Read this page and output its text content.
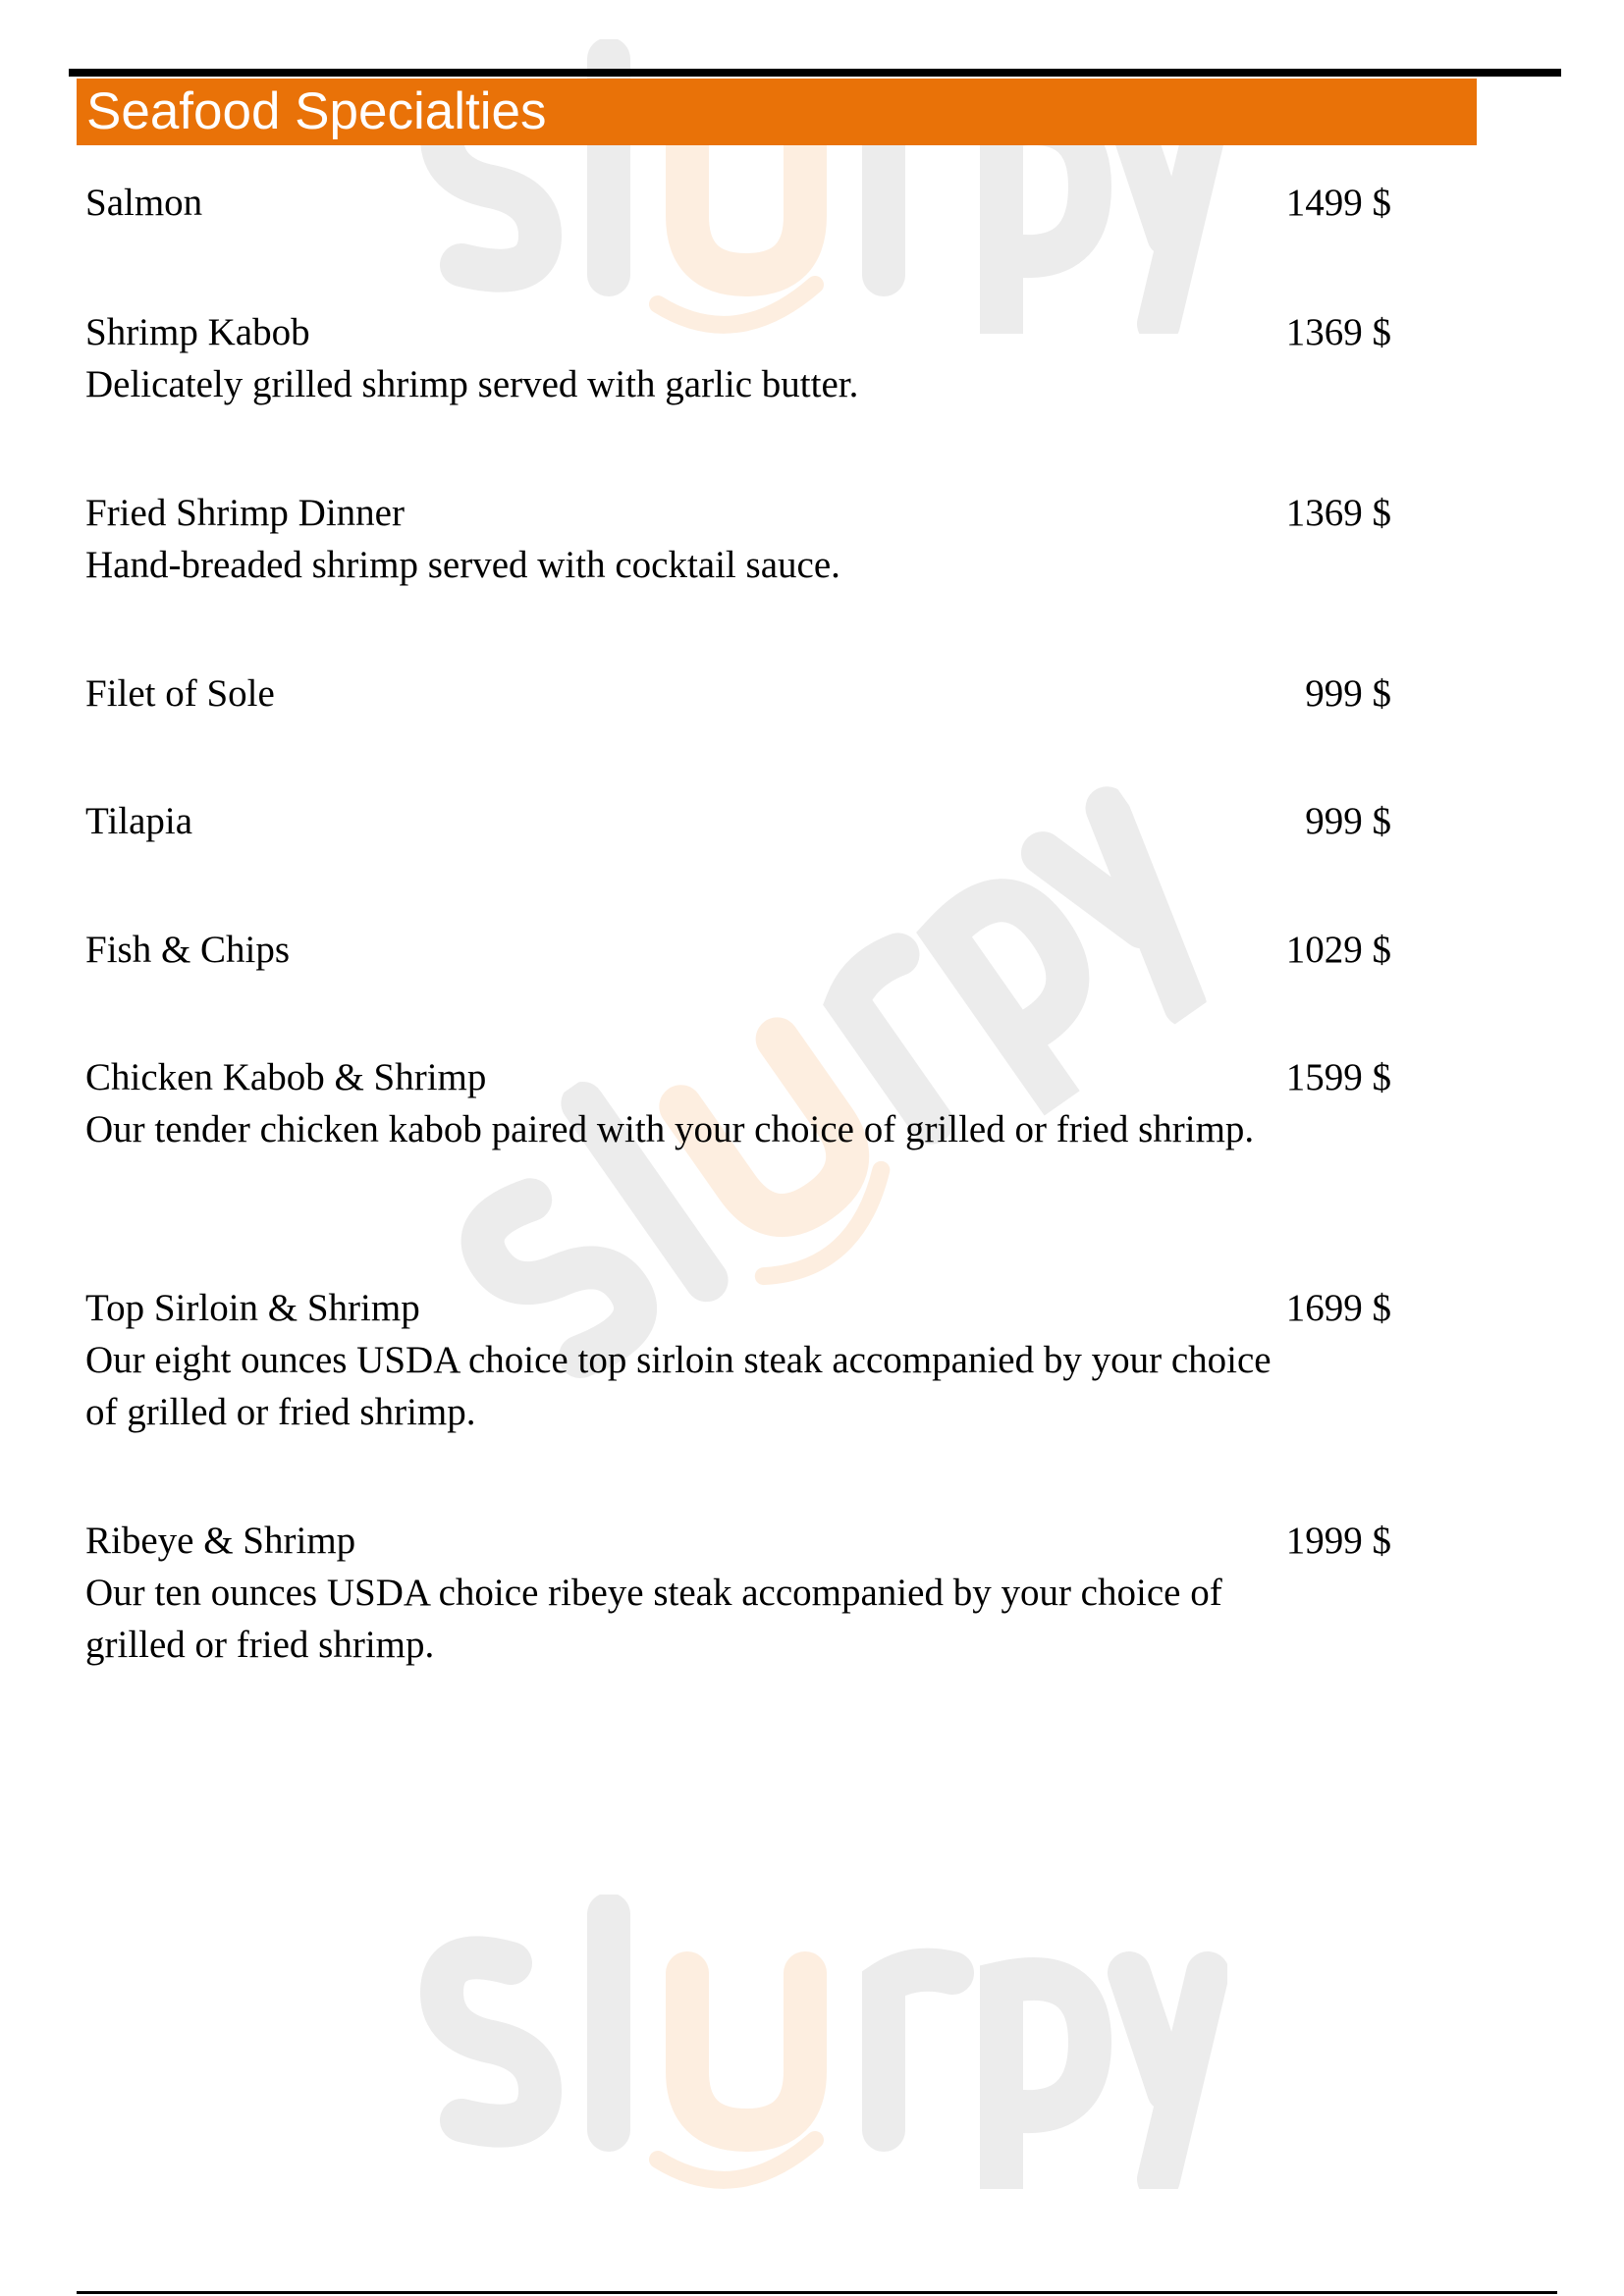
Seafood Specialties
Salmon	1499 $
Shrimp Kabob	1369 $
Delicately grilled shrimp served with garlic butter.
Fried Shrimp Dinner	1369 $
Hand-breaded shrimp served with cocktail sauce.
Filet of Sole	999 $
Tilapia	999 $
Fish & Chips	1029 $
Chicken Kabob & Shrimp	1599 $
Our tender chicken kabob paired with your choice of grilled or fried shrimp.
Top Sirloin & Shrimp	1699 $
Our eight ounces USDA choice top sirloin steak accompanied by your choice of grilled or fried shrimp.
Ribeye & Shrimp	1999 $
Our ten ounces USDA choice ribeye steak accompanied by your choice of grilled or fried shrimp.
